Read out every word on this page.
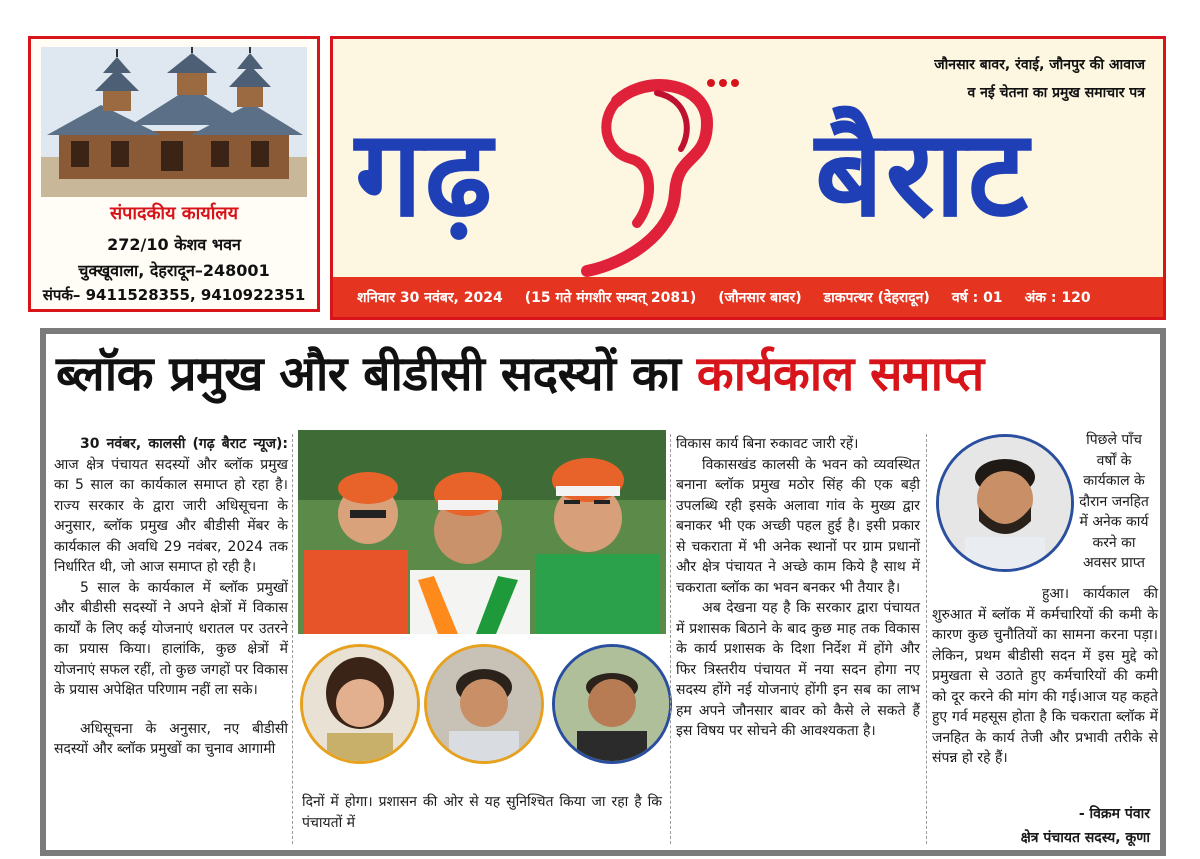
संपादकीय कार्यालय
272/10 केशव भवन
चुक्खूवाला, देहरादून–248001
संपर्क– 9411528355, 9410922351
जौनसार बावर, रंवाई, जौनपुर की आवाज
व नई चेतना का प्रमुख समाचार पत्र
गढ़	बैराट
शनिवार 30 नवंबर, 2024 (15 गते मंगशीर सम्वत् 2081) (जौनसार बावर) डाकपत्थर (देहरादून) वर्ष : 01 अंक : 120
ब्लॉक प्रमुख और बीडीसी सदस्यों का कार्यकाल समाप्त

30 नवंबर, कालसी (गढ़ बैराट न्यूज): आज क्षेत्र पंचायत सदस्यों और ब्लॉक प्रमुख का 5 साल का कार्यकाल समाप्त हो रहा है। राज्य सरकार के द्वारा जारी अधिसूचना के अनुसार, ब्लॉक प्रमुख और बीडीसी मेंबर के कार्यकाल की अवधि 29 नवंबर, 2024 तक निर्धारित थी, जो आज समाप्त हो रही है।

5 साल के कार्यकाल में ब्लॉक प्रमुखों और बीडीसी सदस्यों ने अपने क्षेत्रों में विकास कार्यों के लिए कई योजनाएं धरातल पर उतरने का प्रयास किया। हालांकि, कुछ क्षेत्रों में योजनाएं सफल रहीं, तो कुछ जगहों पर विकास के प्रयास अपेक्षित परिणाम नहीं ला सके।

अधिसूचना के अनुसार, नए बीडीसी सदस्यों और ब्लॉक प्रमुखों का चुनाव आगामी

दिनों में होगा। प्रशासन की ओर से यह सुनिश्चित किया जा रहा है कि पंचायतों में

विकास कार्य बिना रुकावट जारी रहें।

विकासखंड कालसी के भवन को व्यवस्थित बनाना ब्लॉक प्रमुख मठोर सिंह की एक बड़ी उपलब्धि रही इसके अलावा गांव के मुख्य द्वार बनाकर भी एक अच्छी पहल हुई है। इसी प्रकार से चकराता में भी अनेक स्थानों पर ग्राम प्रधानों और क्षेत्र पंचायत ने अच्छे काम किये है साथ में चकराता ब्लॉक का भवन बनकर भी तैयार है।

अब देखना यह है कि सरकार द्वारा पंचायत में प्रशासक बिठाने के बाद कुछ माह तक विकास के कार्य प्रशासक के दिशा निर्देश में होंगे और फिर त्रिस्तरीय पंचायत में नया सदन होगा नए सदस्य होंगे नई योजनाएं होंगी इन सब का लाभ हम अपने जौनसार बावर को कैसे ले सकते हैं इस विषय पर सोचने की आवश्यकता है।

पिछले पाँच
वर्षों के
कार्यकाल के
दौरान जनहित
में अनेक कार्य
करने का
अवसर प्राप्त

हुआ। कार्यकाल की शुरुआत में ब्लॉक में कर्मचारियों की कमी के कारण कुछ चुनौतियों का सामना करना पड़ा। लेकिन, प्रथम बीडीसी सदन में इस मुद्दे को प्रमुखता से उठाते हुए कर्मचारियों की कमी को दूर करने की मांग की गई।आज यह कहते हुए गर्व महसूस होता है कि चकराता ब्लॉक में जनहित के कार्य तेजी और प्रभावी तरीके से संपन्न हो रहे हैं।

- विक्रम पंवार
क्षेत्र पंचायत सदस्य, कूणा
